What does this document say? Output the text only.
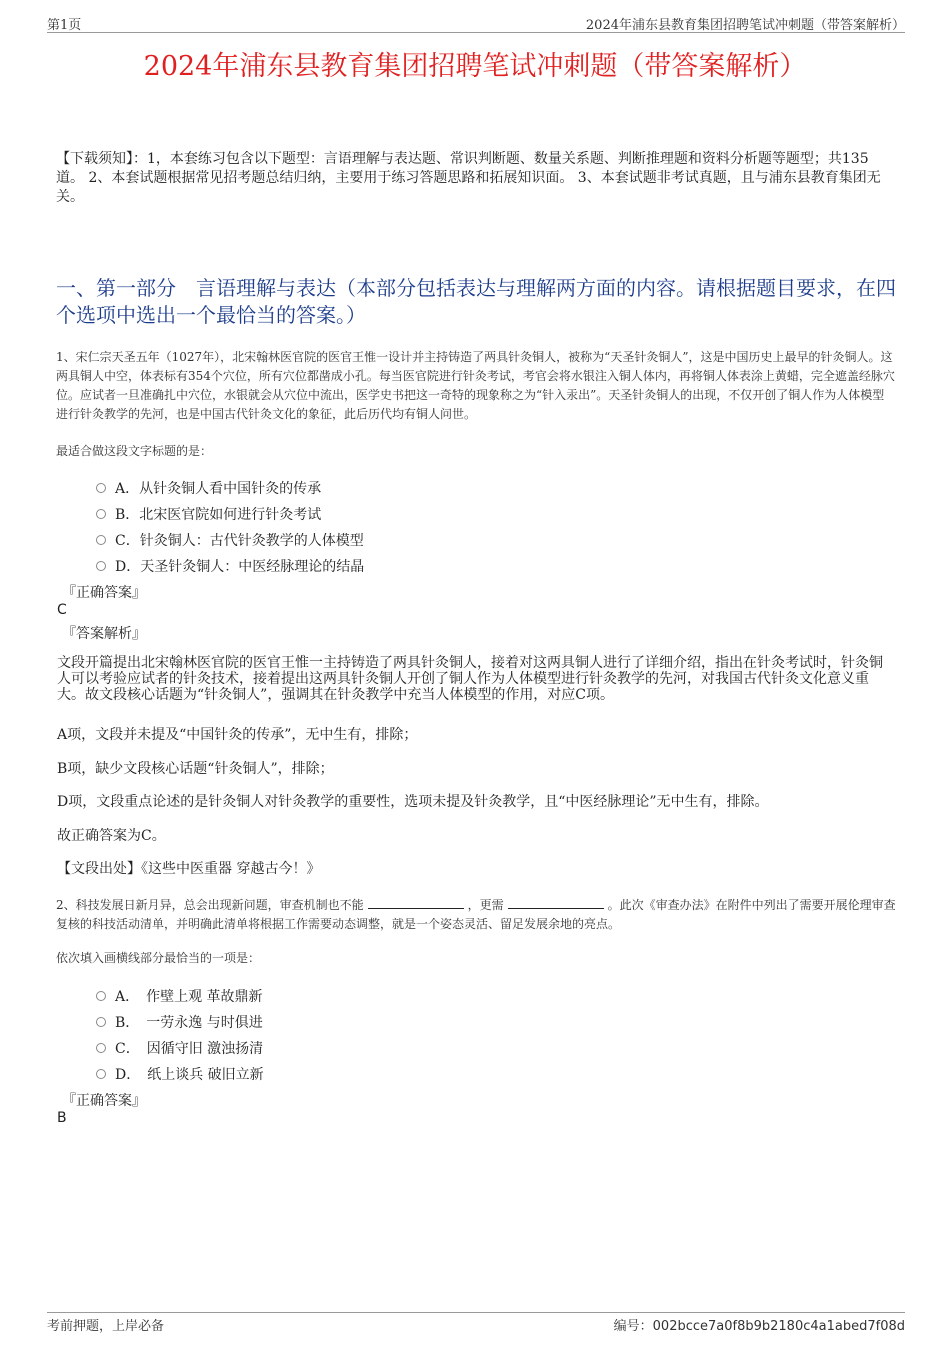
第1页	2024年浦东县教育集团招聘笔试冲刺题（带答案解析）
2024年浦东县教育集团招聘笔试冲刺题（带答案解析）

【下载须知】：1，本套练习包含以下题型：言语理解与表达题、常识判断题、数量关系题、判断推理题和资料分析题等题型；共135道。 2、本套试题根据常见招考题总结归纳，主要用于练习答题思路和拓展知识面。 3、本套试题非考试真题，且与浦东县教育集团无关。

一、第一部分　言语理解与表达（本部分包括表达与理解两方面的内容。请根据题目要求，在四个选项中选出一个最恰当的答案。）

1、宋仁宗天圣五年（1027年），北宋翰林医官院的医官王惟一设计并主持铸造了两具针灸铜人，被称为“天圣针灸铜人”，这是中国历史上最早的针灸铜人。这两具铜人中空，体表标有354个穴位，所有穴位都凿成小孔。每当医官院进行针灸考试，考官会将水银注入铜人体内，再将铜人体表涂上黄蜡，完全遮盖经脉穴位。应试者一旦准确扎中穴位，水银就会从穴位中流出，医学史书把这一奇特的现象称之为“针入汞出”。天圣针灸铜人的出现，不仅开创了铜人作为人体模型进行针灸教学的先河，也是中国古代针灸文化的象征，此后历代均有铜人问世。

最适合做这段文字标题的是：

A．从针灸铜人看中国针灸的传承
B．北宋医官院如何进行针灸考试
C．针灸铜人：古代针灸教学的人体模型
D．天圣针灸铜人：中医经脉理论的结晶
『正确答案』
C
『答案解析』

文段开篇提出北宋翰林医官院的医官王惟一主持铸造了两具针灸铜人，接着对这两具铜人进行了详细介绍，指出在针灸考试时，针灸铜人可以考验应试者的针灸技术，接着提出这两具针灸铜人开创了铜人作为人体模型进行针灸教学的先河，对我国古代针灸文化意义重大。故文段核心话题为“针灸铜人”，强调其在针灸教学中充当人体模型的作用，对应C项。

A项，文段并未提及“中国针灸的传承”，无中生有，排除；

B项，缺少文段核心话题“针灸铜人”，排除；

D项，文段重点论述的是针灸铜人对针灸教学的重要性，选项未提及针灸教学，且“中医经脉理论”无中生有，排除。

故正确答案为C。

【文段出处】《这些中医重器 穿越古今！》

2、科技发展日新月异，总会出现新问题，审查机制也不能	，更需	。此次《审查办法》在附件中列出了需要开展伦理审查复核的科技活动清单，并明确此清单将根据工作需要动态调整，就是一个姿态灵活、留足发展余地的亮点。

依次填入画横线部分最恰当的一项是：

A．　作壁上观 革故鼎新
B．　一劳永逸 与时俱进
C．　因循守旧 激浊扬清
D．　纸上谈兵 破旧立新
『正确答案』
B
考前押题，上岸必备	编号：002bcce7a0f8b9b2180c4a1abed7f08d
